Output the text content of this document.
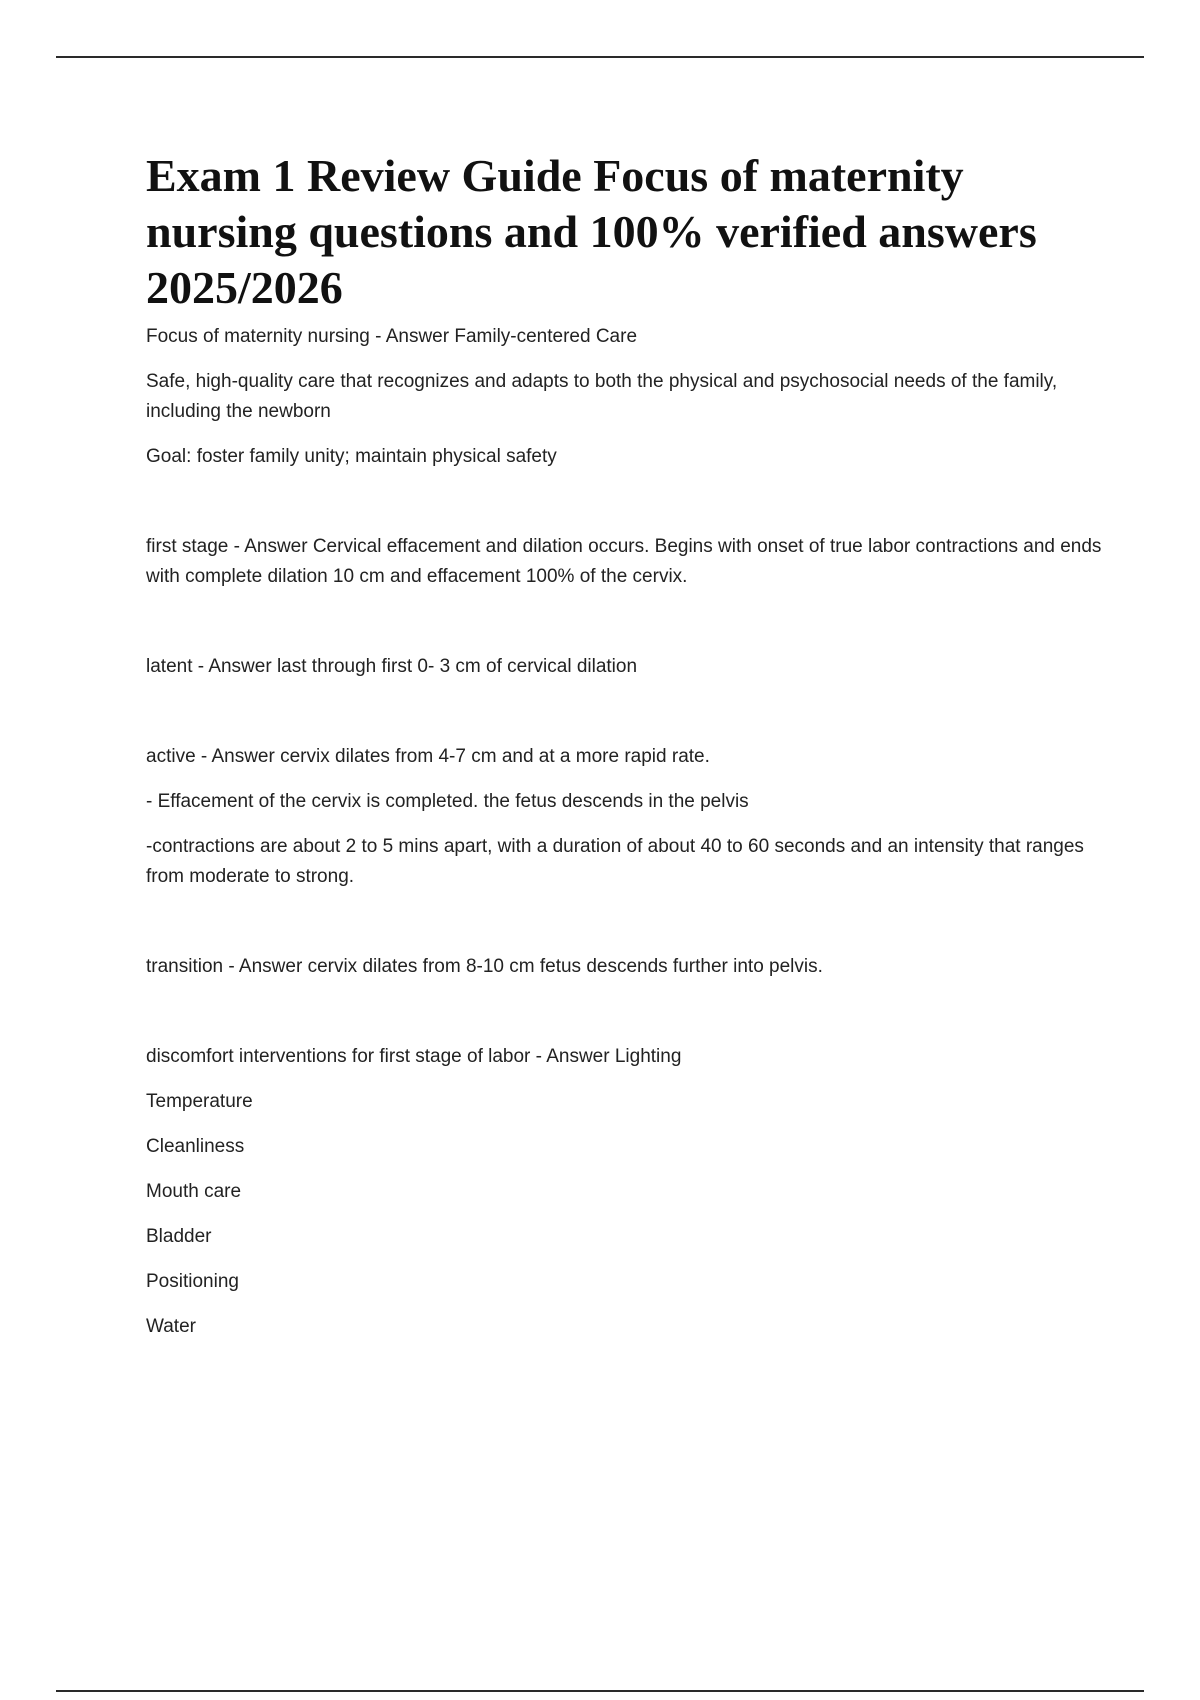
Exam 1 Review Guide Focus of maternity nursing questions and 100% verified answers 2025/2026

Focus of maternity nursing - Answer Family-centered Care

Safe, high-quality care that recognizes and adapts to both the physical and psychosocial needs of the family, including the newborn

Goal: foster family unity; maintain physical safety

first stage - Answer Cervical effacement and dilation occurs. Begins with onset of true labor contractions and ends with complete dilation 10 cm and effacement 100% of the cervix.

latent - Answer last through first 0- 3 cm of cervical dilation

active - Answer cervix dilates from 4-7 cm and at a more rapid rate.

- Effacement of the cervix is completed. the fetus descends in the pelvis

-contractions are about 2 to 5 mins apart, with a duration of about 40 to 60 seconds and an intensity that ranges from moderate to strong.

transition - Answer cervix dilates from 8-10 cm fetus descends further into pelvis.

discomfort interventions for first stage of labor - Answer Lighting

Temperature

Cleanliness

Mouth care

Bladder

Positioning

Water
